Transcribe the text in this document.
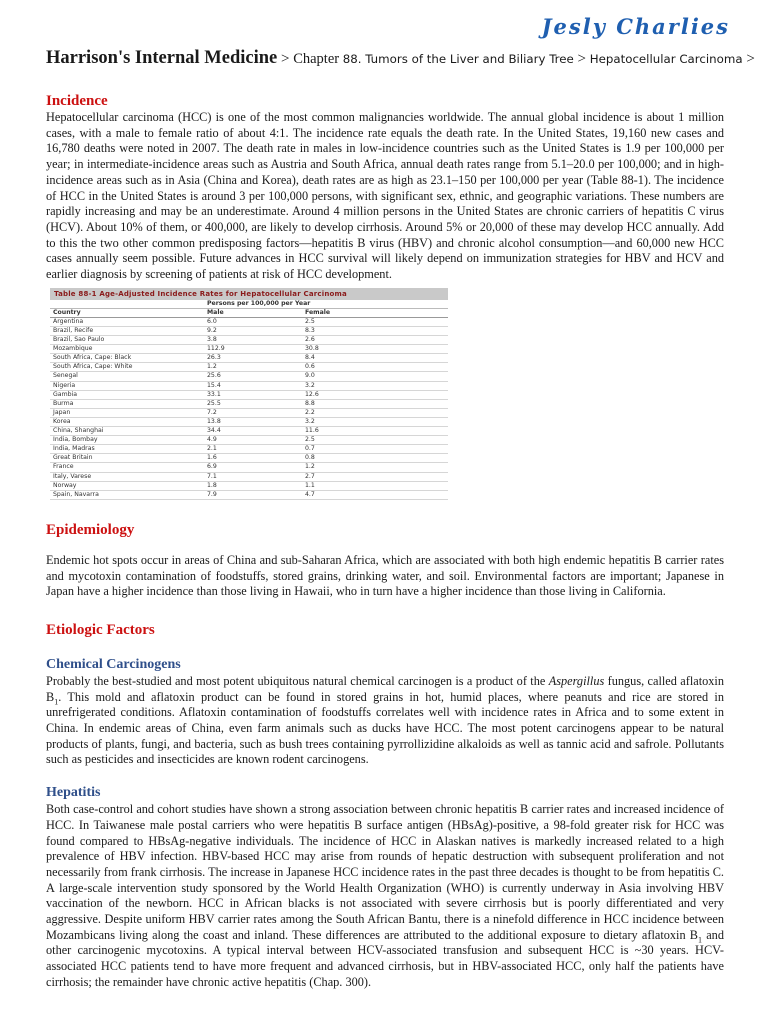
Jesly Charlies
Harrison's Internal Medicine > Chapter 88. Tumors of the Liver and Biliary Tree > Hepatocellular Carcinoma >
Incidence

Hepatocellular carcinoma (HCC) is one of the most common malignancies worldwide. The annual global incidence is about 1 million cases, with a male to female ratio of about 4:1. The incidence rate equals the death rate. In the United States, 19,160 new cases and 16,780 deaths were noted in 2007. The death rate in males in low-incidence countries such as the United States is 1.9 per 100,000 per year; in intermediate-incidence areas such as Austria and South Africa, annual death rates range from 5.1–20.0 per 100,000; and in high-incidence areas such as in Asia (China and Korea), death rates are as high as 23.1–150 per 100,000 per year (Table 88-1). The incidence of HCC in the United States is around 3 per 100,000 persons, with significant sex, ethnic, and geographic variations. These numbers are rapidly increasing and may be an underestimate. Around 4 million persons in the United States are chronic carriers of hepatitis C virus (HCV). About 10% of them, or 400,000, are likely to develop cirrhosis. Around 5% or 20,000 of these may develop HCC annually. Add to this the two other common predisposing factors—hepatitis B virus (HBV) and chronic alcohol consumption—and 60,000 new HCC cases annually seem possible. Future advances in HCC survival will likely depend on immunization strategies for HBV and HCV and earlier diagnosis by screening of patients at risk of HCC development.

Table 88-1 Age-Adjusted Incidence Rates for Hepatocellular Carcinoma
	Persons per 100,000 per Year	
Country	Male	Female
Argentina	6.0	2.5
Brazil, Recife	9.2	8.3
Brazil, Sao Paulo	3.8	2.6
Mozambique	112.9	30.8
South Africa, Cape: Black	26.3	8.4
South Africa, Cape: White	1.2	0.6
Senegal	25.6	9.0
Nigeria	15.4	3.2
Gambia	33.1	12.6
Burma	25.5	8.8
Japan	7.2	2.2
Korea	13.8	3.2
China, Shanghai	34.4	11.6
India, Bombay	4.9	2.5
India, Madras	2.1	0.7
Great Britain	1.6	0.8
France	6.9	1.2
Italy, Varese	7.1	2.7
Norway	1.8	1.1
Spain, Navarra	7.9	4.7
Epidemiology

Endemic hot spots occur in areas of China and sub-Saharan Africa, which are associated with both high endemic hepatitis B carrier rates and mycotoxin contamination of foodstuffs, stored grains, drinking water, and soil. Environmental factors are important; Japanese in Japan have a higher incidence than those living in Hawaii, who in turn have a higher incidence than those living in California.

Etiologic Factors
Chemical Carcinogens

Probably the best-studied and most potent ubiquitous natural chemical carcinogen is a product of the Aspergillus fungus, called aflatoxin $B_1$. This mold and aflatoxin product can be found in stored grains in hot, humid places, where peanuts and rice are stored in unrefrigerated conditions. Aflatoxin contamination of foodstuffs correlates well with incidence rates in Africa and to some extent in China. In endemic areas of China, even farm animals such as ducks have HCC. The most potent carcinogens appear to be natural products of plants, fungi, and bacteria, such as bush trees containing pyrrollizidine alkaloids as well as tannic acid and safrole. Pollutants such as pesticides and insecticides are known rodent carcinogens.

Hepatitis

Both case-control and cohort studies have shown a strong association between chronic hepatitis B carrier rates and increased incidence of HCC. In Taiwanese male postal carriers who were hepatitis B surface antigen (HBsAg)-positive, a 98-fold greater risk for HCC was found compared to HBsAg-negative individuals. The incidence of HCC in Alaskan natives is markedly increased related to a high prevalence of HBV infection. HBV-based HCC may arise from rounds of hepatic destruction with subsequent proliferation and not necessarily from frank cirrhosis. The increase in Japanese HCC incidence rates in the past three decades is thought to be from hepatitis C. A large-scale intervention study sponsored by the World Health Organization (WHO) is currently underway in Asia involving HBV vaccination of the newborn. HCC in African blacks is not associated with severe cirrhosis but is poorly differentiated and very aggressive. Despite uniform HBV carrier rates among the South African Bantu, there is a ninefold difference in HCC incidence between Mozambicans living along the coast and inland. These differences are attributed to the additional exposure to dietary aflatoxin $B_1$ and other carcinogenic mycotoxins. A typical interval between HCV-associated transfusion and subsequent HCC is ~30 years. HCV-associated HCC patients tend to have more frequent and advanced cirrhosis, but in HBV-associated HCC, only half the patients have cirrhosis; the remainder have chronic active hepatitis (Chap. 300).
